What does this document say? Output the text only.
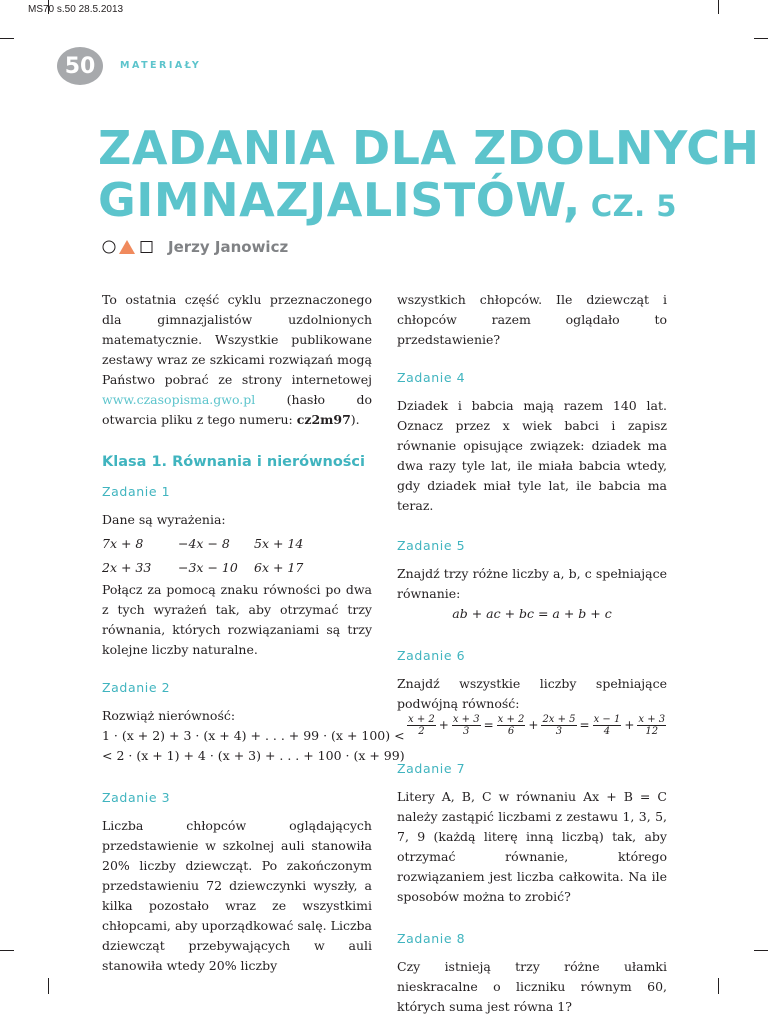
MS70 s.50 28.5.2013
50	MATERIAŁY
ZADANIA DLA ZDOLNYCH
GIMNAZJALISTÓW, CZ. 5
Jerzy Janowicz

To ostatnia część cyklu przeznaczonego dla gimnazjalistów uzdolnionych matematycznie. Wszystkie publikowane zestawy wraz ze szkicami rozwiązań mogą Państwo pobrać ze strony internetowej www.czasopisma.gwo.pl (hasło do otwarcia pliku z tego numeru: cz2m97).

Klasa 1. Równania i nierówności
Zadanie 1

Dane są wyrażenia:

7x + 8	−4x − 8	5x + 14
2x + 33	−3x − 10	6x + 17

Połącz za pomocą znaku równości po dwa z tych wyrażeń tak, aby otrzymać trzy równania, których rozwiązaniami są trzy kolejne liczby naturalne.

Zadanie 2

Rozwiąż nierówność:

1 · (x + 2) + 3 · (x + 4) + . . . + 99 · (x + 100) <
< 2 · (x + 1) + 4 · (x + 3) + . . . + 100 · (x + 99)
Zadanie 3

Liczba chłopców oglądających przedstawienie w szkolnej auli stanowiła 20% liczby dziewcząt. Po zakończonym przedstawieniu 72 dziewczynki wyszły, a kilka pozostało wraz ze wszystkimi chłopcami, aby uporządkować salę. Liczba dziewcząt przebywających w auli stanowiła wtedy 20% liczby

wszystkich chłopców. Ile dziewcząt i chłopców razem oglądało to przedstawienie?

Zadanie 4

Dziadek i babcia mają razem 140 lat. Oznacz przez x wiek babci i zapisz równanie opisujące związek: dziadek ma dwa razy tyle lat, ile miała babcia wtedy, gdy dziadek miał tyle lat, ile babcia ma teraz.

Zadanie 5

Znajdź trzy różne liczby a, b, c spełniające równanie:

ab + ac + bc = a + b + c
Zadanie 6

Znajdź wszystkie liczby spełniające podwójną równość:

$\frac{x + 2}{2} + \frac{x + 3}{3} = \frac{x + 2}{6} + \frac{2x + 5}{3} = \frac{x - 1}{4} + \frac{x + 3}{12}$
Zadanie 7

Litery A, B, C w równaniu Ax + B = C należy zastąpić liczbami z zestawu 1, 3, 5, 7, 9 (każdą literę inną liczbą) tak, aby otrzymać równanie, którego rozwiązaniem jest liczba całkowita. Na ile sposobów można to zrobić?

Zadanie 8

Czy istnieją trzy różne ułamki nieskracalne o liczniku równym 60, których suma jest równa 1?
